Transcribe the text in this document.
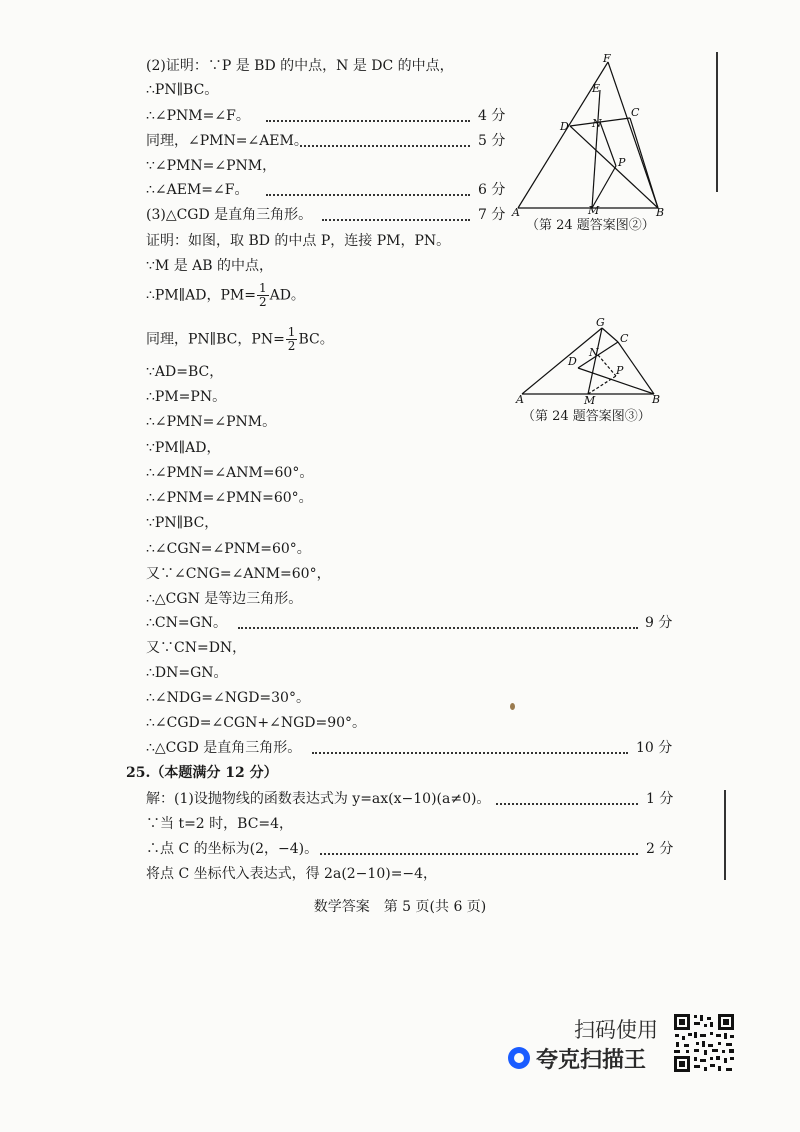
(2)证明：∵P 是 BD 的中点，N 是 DC 的中点，
∴PN∥BC。
∴∠PNM=∠F。	4 分
同理，∠PMN=∠AEM。	5 分
∵∠PMN=∠PNM，
∴∠AEM=∠F。	6 分
(3)△CGD 是直角三角形。	7 分
证明：如图，取 BD 的中点 P，连接 PM，PN。
∵M 是 AB 的中点，
∴PM∥AD，$PM= \frac{1}{2}$ AD。
同理，PN∥BC，$PN= \frac{1}{2}$ BC。
∵AD=BC，
∴PM=PN。
∴∠PMN=∠PNM。
∵PM∥AD，
∴∠PMN=∠ANM=60°。
∴∠PNM=∠PMN=60°。
∵PN∥BC，
∴∠CGN=∠PNM=60°。
又∵∠CNG=∠ANM=60°，
∴△CGN 是等边三角形。
∴CN=GN。	9 分
又∵CN=DN，
∴DN=GN。
∴∠NDG=∠NGD=30°。
∴∠CGD=∠CGN+∠NGD=90°。
∴△CGD 是直角三角形。	10 分
25.（本题满分 12 分）
解：(1)设抛物线的函数表达式为 y=ax(x−10)(a≠0)。	1 分
∵当 t=2 时，BC=4，
∴点 C 的坐标为(2，−4)。	2 分
将点 C 坐标代入表达式，得 2a(2−10)=−4，
F
E
D N
C
P
A	M	B
（第 24 题答案图②）
G
C
N
D
P
A	M	B
（第 24 题答案图③）
数学答案　第 5 页(共 6 页)
扫码使用
夸克扫描王
